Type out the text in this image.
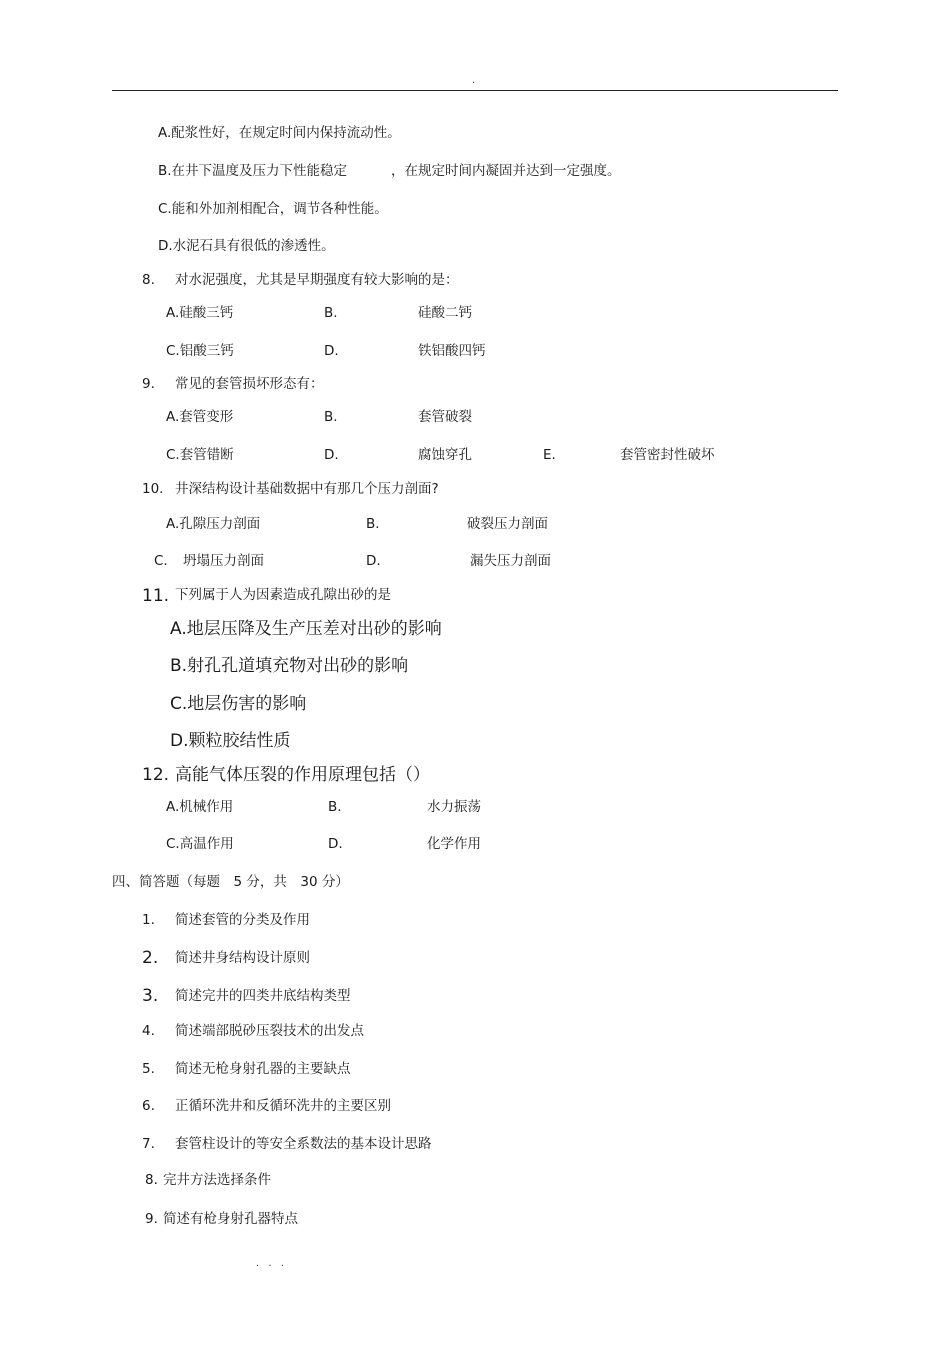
.
A.配浆性好，在规定时间内保持流动性。
B.在井下温度及压力下性能稳定	，在规定时间内凝固并达到一定强度。
C.能和外加剂相配合，调节各种性能。
D.水泥石具有很低的渗透性。
8. 对水泥强度，尤其是早期强度有较大影响的是：
A.硅酸三钙	B.	硅酸二钙
C.铝酸三钙	D.	铁铝酸四钙
9. 常见的套管损坏形态有：
A.套管变形	B.	套管破裂
C.套管错断	D.	腐蚀穿孔	E.	套管密封性破坏
10. 井深结构设计基础数据中有那几个压力剖面?
A.孔隙压力剖面	B.	破裂压力剖面
C. 坍塌压力剖面	D.	漏失压力剖面
11. 下列属于人为因素造成孔隙出砂的是
A.地层压降及生产压差对出砂的影响
B.射孔孔道填充物对出砂的影响
C.地层伤害的影响
D.颗粒胶结性质
12. 高能气体压裂的作用原理包括（）
A.机械作用	B.	水力振荡
C.高温作用	D.	化学作用
四、简答题（每题　5 分，共　30 分）
1. 简述套管的分类及作用
2. 简述井身结构设计原则
3. 简述完井的四类井底结构类型
4. 简述端部脱砂压裂技术的出发点
5. 简述无枪身射孔器的主要缺点
6. 正循环洗井和反循环洗井的主要区别
7. 套管柱设计的等安全系数法的基本设计思路
8. 完井方法选择条件
9. 简述有枪身射孔器特点
. . .
